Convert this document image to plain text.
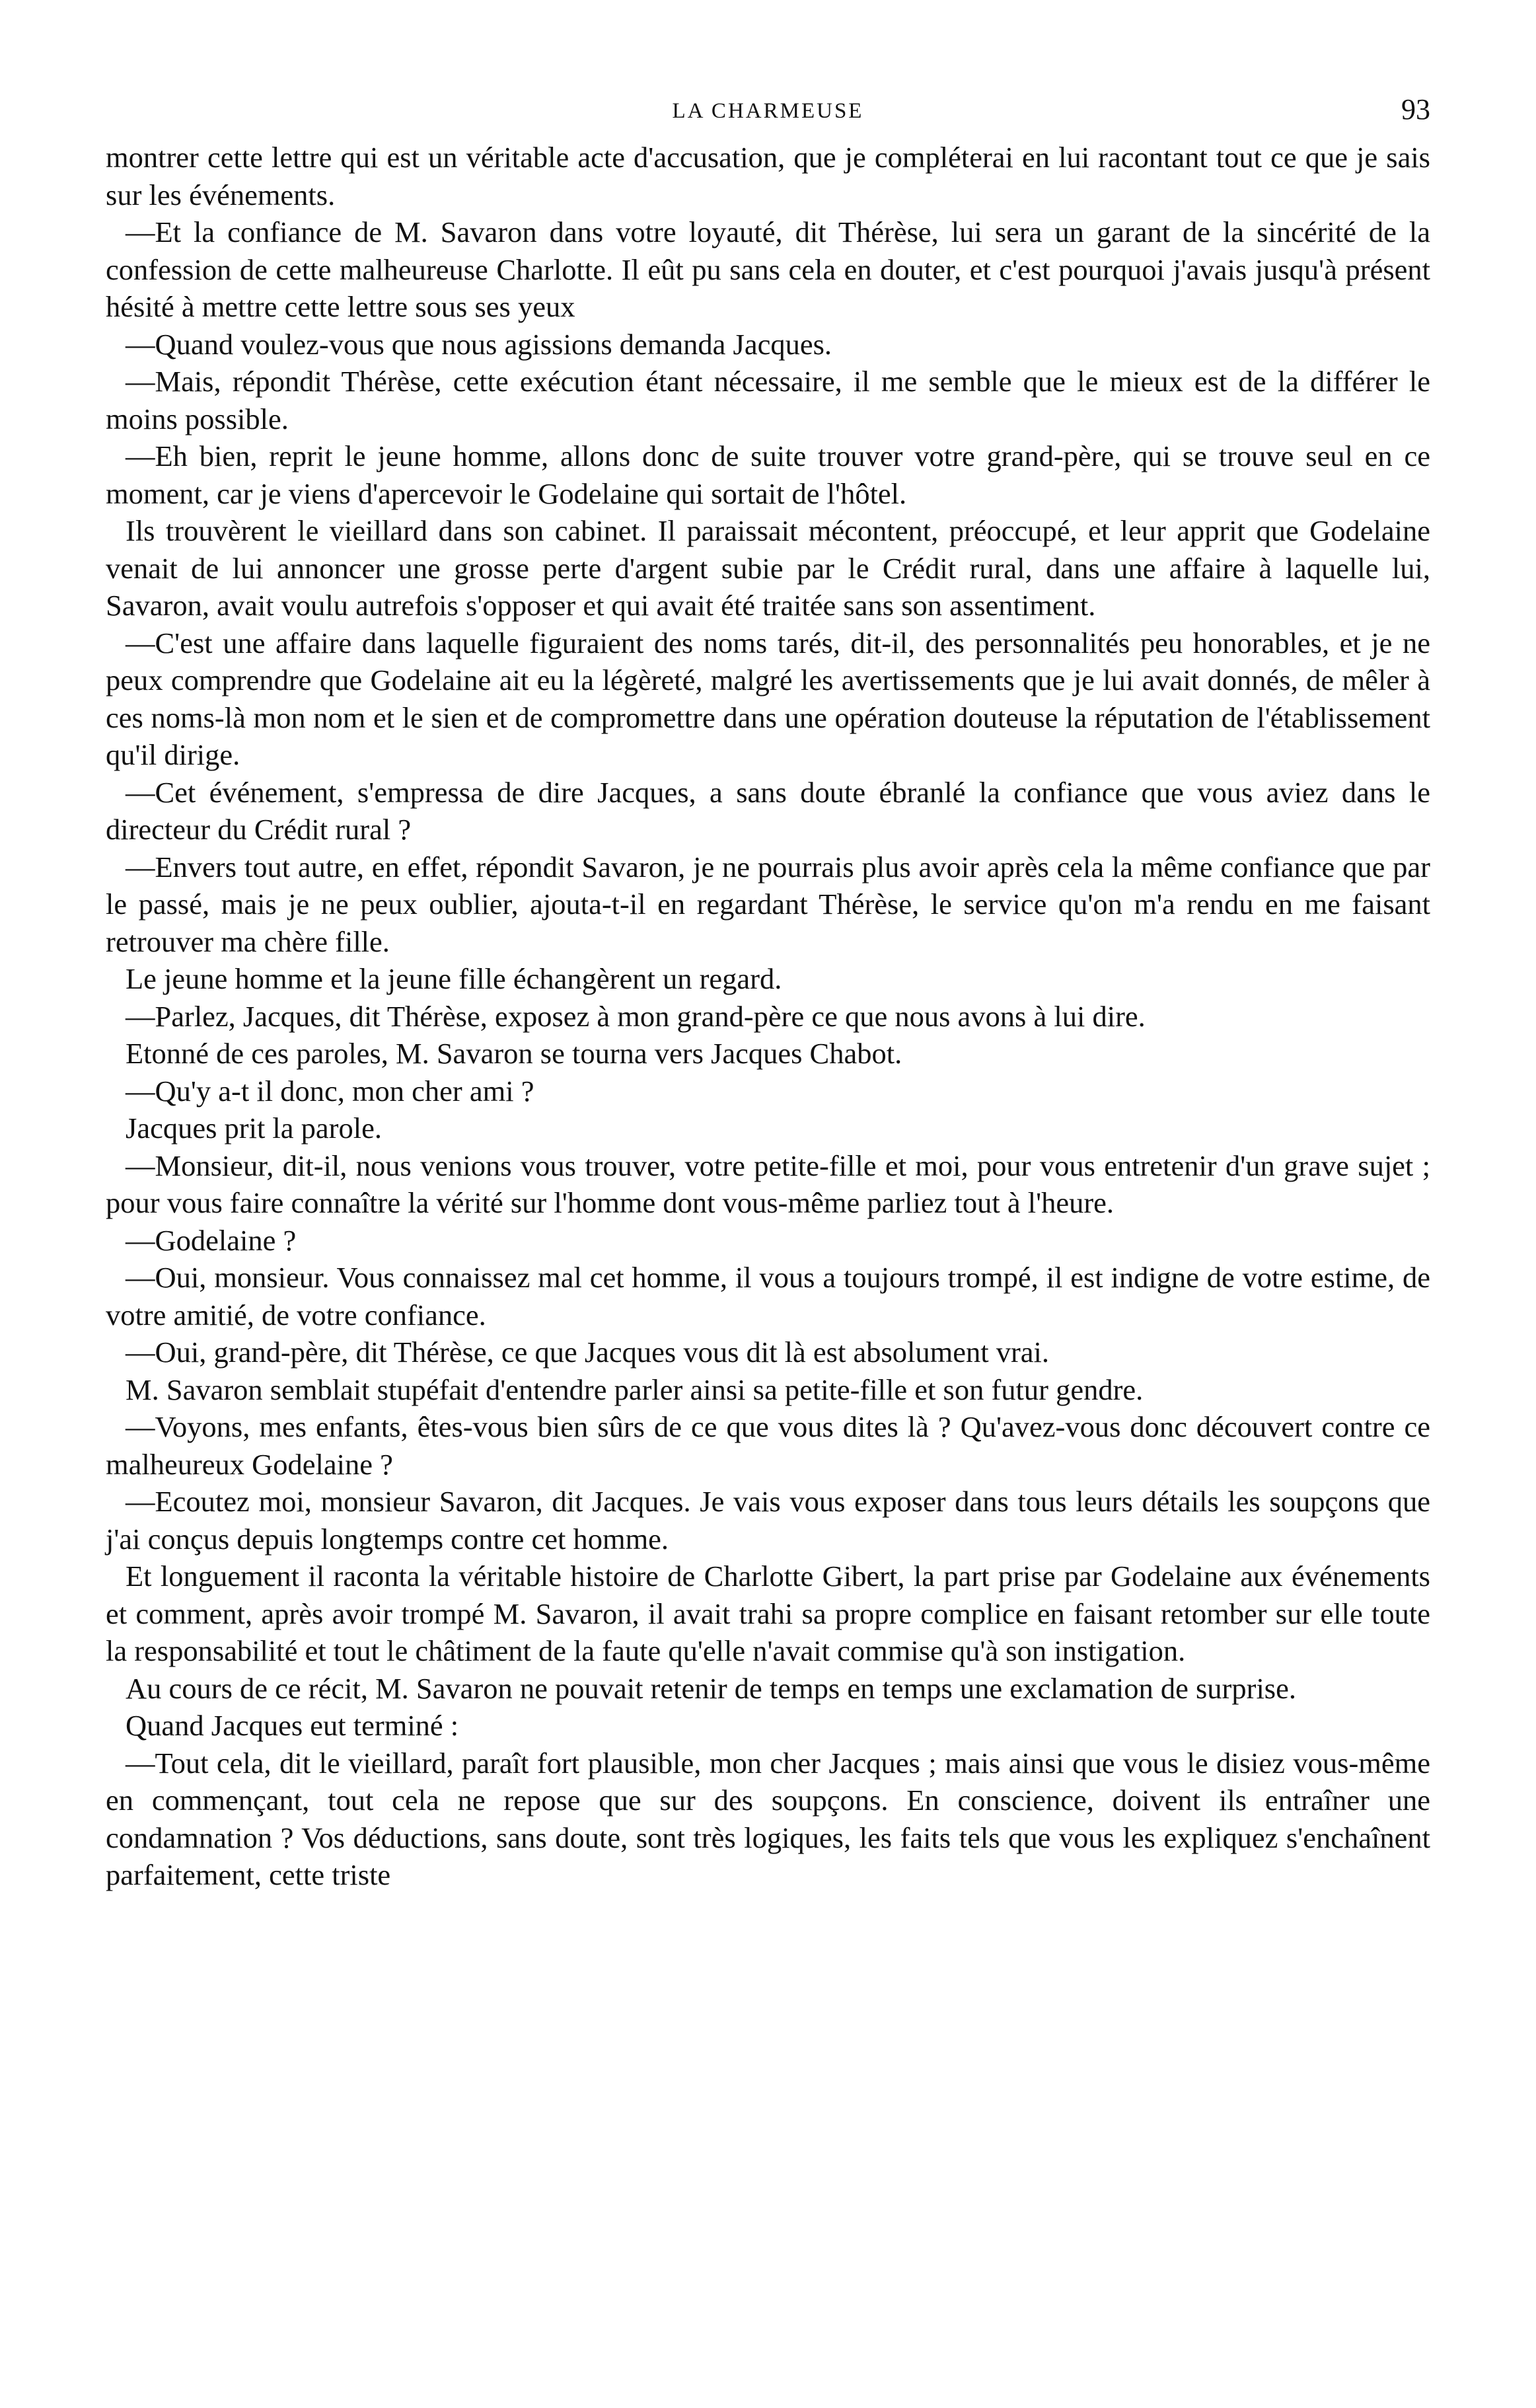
LA CHARMEUSE	93

montrer cette lettre qui est un véritable acte d'accusation, que je compléterai en lui racontant tout ce que je sais sur les événements.

—Et la confiance de M. Savaron dans votre loyauté, dit Thérèse, lui sera un garant de la sincérité de la confession de cette malheureuse Charlotte. Il eût pu sans cela en douter, et c'est pourquoi j'avais jusqu'à présent hésité à mettre cette lettre sous ses yeux

—Quand voulez-vous que nous agissions demanda Jacques.

—Mais, répondit Thérèse, cette exécution étant nécessaire, il me semble que le mieux est de la différer le moins possible.

—Eh bien, reprit le jeune homme, allons donc de suite trouver votre grand-père, qui se trouve seul en ce moment, car je viens d'apercevoir le Godelaine qui sortait de l'hôtel.

Ils trouvèrent le vieillard dans son cabinet. Il paraissait mécontent, préoccupé, et leur apprit que Godelaine venait de lui annoncer une grosse perte d'argent subie par le Crédit rural, dans une affaire à laquelle lui, Savaron, avait voulu autrefois s'opposer et qui avait été traitée sans son assentiment.

—C'est une affaire dans laquelle figuraient des noms tarés, dit-il, des personnalités peu honorables, et je ne peux comprendre que Godelaine ait eu la légèreté, malgré les avertissements que je lui avait donnés, de mêler à ces noms-là mon nom et le sien et de compromettre dans une opération douteuse la réputation de l'établissement qu'il dirige.

—Cet événement, s'empressa de dire Jacques, a sans doute ébranlé la confiance que vous aviez dans le directeur du Crédit rural ?

—Envers tout autre, en effet, répondit Savaron, je ne pourrais plus avoir après cela la même confiance que par le passé, mais je ne peux oublier, ajouta-t-il en regardant Thérèse, le service qu'on m'a rendu en me faisant retrouver ma chère fille.

Le jeune homme et la jeune fille échangèrent un regard.

—Parlez, Jacques, dit Thérèse, exposez à mon grand-père ce que nous avons à lui dire.

Etonné de ces paroles, M. Savaron se tourna vers Jacques Chabot.

—Qu'y a-t il donc, mon cher ami ?

Jacques prit la parole.

—Monsieur, dit-il, nous venions vous trouver, votre petite-fille et moi, pour vous entretenir d'un grave sujet ; pour vous faire connaître la vérité sur l'homme dont vous-même parliez tout à l'heure.

—Godelaine ?

—Oui, monsieur. Vous connaissez mal cet homme, il vous a toujours trompé, il est indigne de votre estime, de votre amitié, de votre confiance.

—Oui, grand-père, dit Thérèse, ce que Jacques vous dit là est absolument vrai.

M. Savaron semblait stupéfait d'entendre parler ainsi sa petite-fille et son futur gendre.

—Voyons, mes enfants, êtes-vous bien sûrs de ce que vous dites là ? Qu'avez-vous donc découvert contre ce malheureux Godelaine ?

—Ecoutez moi, monsieur Savaron, dit Jacques. Je vais vous exposer dans tous leurs détails les soupçons que j'ai conçus depuis longtemps contre cet homme.

Et longuement il raconta la véritable histoire de Charlotte Gibert, la part prise par Godelaine aux événements et comment, après avoir trompé M. Savaron, il avait trahi sa propre complice en faisant retomber sur elle toute la responsabilité et tout le châtiment de la faute qu'elle n'avait commise qu'à son instigation.

Au cours de ce récit, M. Savaron ne pouvait retenir de temps en temps une exclamation de surprise.

Quand Jacques eut terminé :

—Tout cela, dit le vieillard, paraît fort plausible, mon cher Jacques ; mais ainsi que vous le disiez vous-même en commençant, tout cela ne repose que sur des soupçons. En conscience, doivent ils entraîner une condamnation ? Vos déductions, sans doute, sont très logiques, les faits tels que vous les expliquez s'enchaînent parfaitement, cette triste
